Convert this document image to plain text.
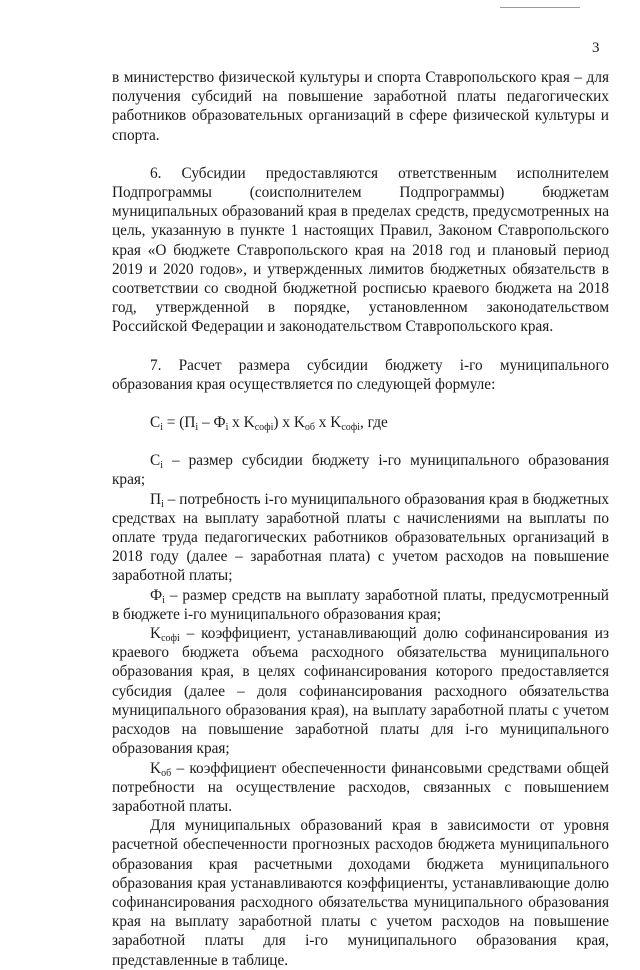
3

в министерство физической культуры и спорта Ставропольского края – для получения субсидий на повышение заработной платы педагогических работников образовательных организаций в сфере физической культуры и спорта.

6. Субсидии предоставляются ответственным исполнителем Подпрограммы (соисполнителем Подпрограммы) бюджетам муниципальных образований края в пределах средств, предусмотренных на цель, указанную в пункте 1 настоящих Правил, Законом Ставропольского края «О бюджете Ставропольского края на 2018 год и плановый период 2019 и 2020 годов», и утвержденных лимитов бюджетных обязательств в соответствии со сводной бюджетной росписью краевого бюджета на 2018 год, утвержденной в порядке, установленном законодательством Российской Федерации и законодательством Ставропольского края.

7. Расчет размера субсидии бюджету i-го муниципального образования края осуществляется по следующей формуле:

$C_i = (П_i - Ф_i$ x $K_{софі}$) x $K_{об}$ x $K_{софі}$, где

$C_i$ – размер субсидии бюджету i-го муниципального образования края;

$П_i$ – потребность i-го муниципального образования края в бюджетных средствах на выплату заработной платы с начислениями на выплаты по оплате труда педагогических работников образовательных организаций в 2018 году (далее – заработная плата) с учетом расходов на повышение заработной платы;

$Ф_i$ – размер средств на выплату заработной платы, предусмотренный в бюджете i-го муниципального образования края;

$K_{софі}$ – коэффициент, устанавливающий долю софинансирования из краевого бюджета объема расходного обязательства муниципального образования края, в целях софинансирования которого предоставляется субсидия (далее – доля софинансирования расходного обязательства муниципального образования края), на выплату заработной платы с учетом расходов на повышение заработной платы для i-го муниципального образования края;

$K_{об}$ – коэффициент обеспеченности финансовыми средствами общей потребности на осуществление расходов, связанных с повышением заработной платы.

Для муниципальных образований края в зависимости от уровня расчетной обеспеченности прогнозных расходов бюджета муниципального образования края расчетными доходами бюджета муниципального образования края устанавливаются коэффициенты, устанавливающие долю софинансирования расходного обязательства муниципального образования края на выплату заработной платы с учетом расходов на повышение заработной платы для i-го муниципального образования края, представленные в таблице.
